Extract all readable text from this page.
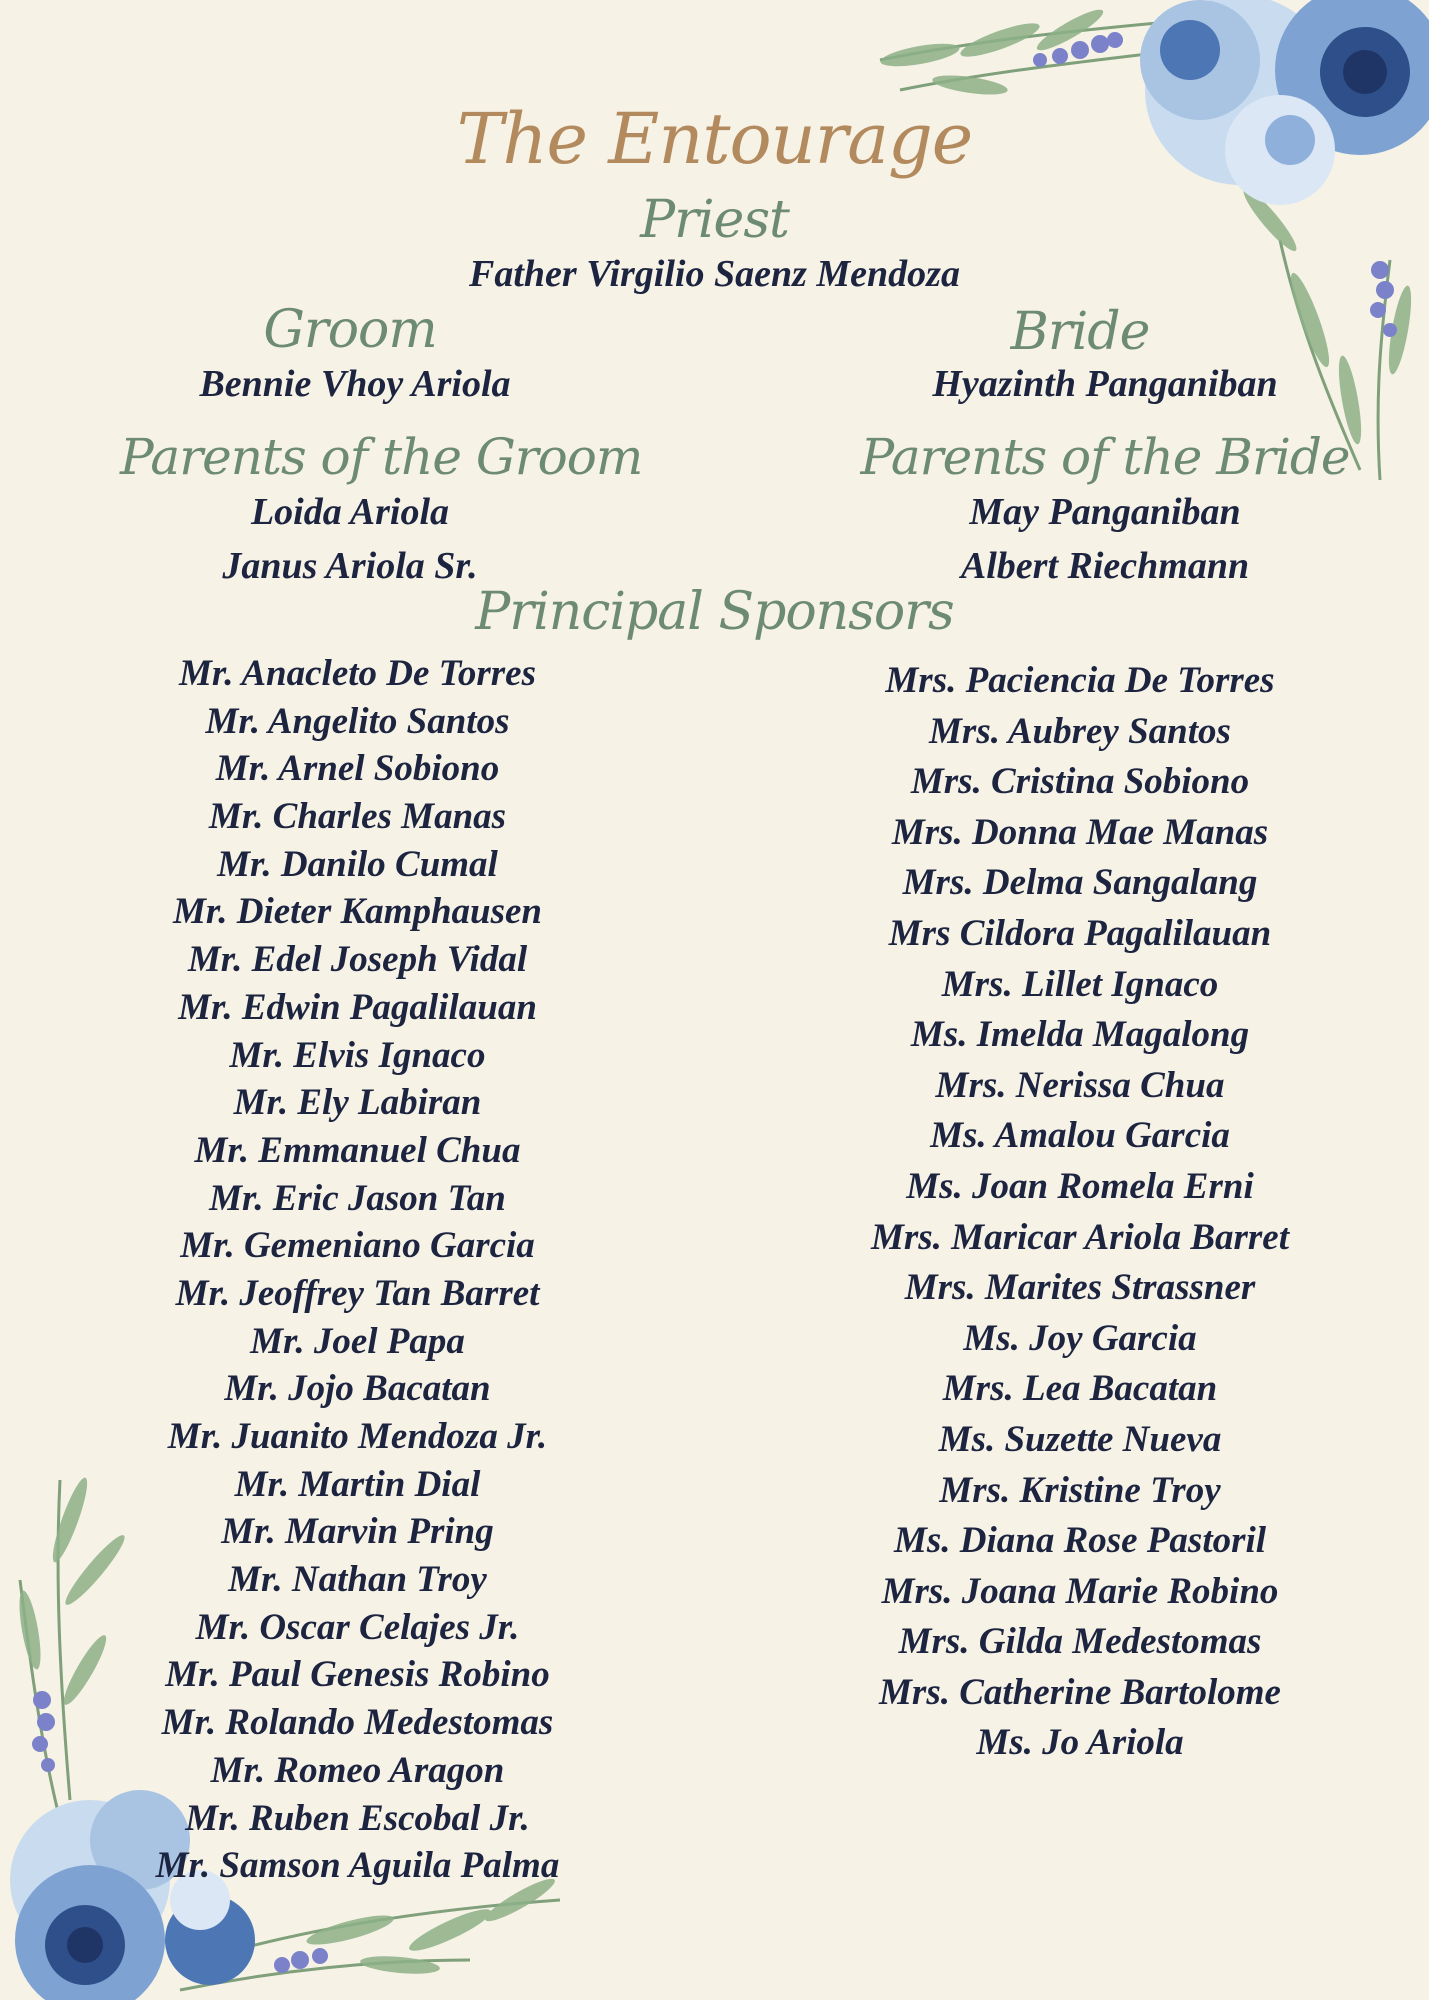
The Entourage
Priest
Father Virgilio Saenz Mendoza
Groom
Bennie Vhoy Ariola
Bride
Hyazinth Panganiban
Parents of the Groom
Loida Ariola
Janus Ariola Sr.
Parents of the Bride
May Panganiban
Albert Riechmann
Principal Sponsors
Mr. Anacleto De Torres
Mr. Angelito Santos
Mr. Arnel Sobiono
Mr. Charles Manas
Mr. Danilo Cumal
Mr. Dieter Kamphausen
Mr. Edel Joseph Vidal
Mr. Edwin Pagalilauan
Mr. Elvis Ignaco
Mr. Ely Labiran
Mr. Emmanuel Chua
Mr. Eric Jason Tan
Mr. Gemeniano Garcia
Mr. Jeoffrey Tan Barret
Mr. Joel Papa
Mr. Jojo Bacatan
Mr. Juanito Mendoza Jr.
Mr. Martin Dial
Mr. Marvin Pring
Mr. Nathan Troy
Mr. Oscar Celajes Jr.
Mr. Paul Genesis Robino
Mr. Rolando Medestomas
Mr. Romeo Aragon
Mr. Ruben Escobal Jr.
Mr. Samson Aguila Palma
Mrs. Paciencia De Torres
Mrs. Aubrey Santos
Mrs. Cristina Sobiono
Mrs. Donna Mae Manas
Mrs. Delma Sangalang
Mrs Cildora Pagalilauan
Mrs. Lillet Ignaco
Ms. Imelda Magalong
Mrs. Nerissa Chua
Ms. Amalou Garcia
Ms. Joan Romela Erni
Mrs. Maricar Ariola Barret
Mrs. Marites Strassner
Ms. Joy Garcia
Mrs. Lea Bacatan
Ms. Suzette Nueva
Mrs. Kristine Troy
Ms. Diana Rose Pastoril
Mrs. Joana Marie Robino
Mrs. Gilda Medestomas
Mrs. Catherine Bartolome
Ms. Jo Ariola
